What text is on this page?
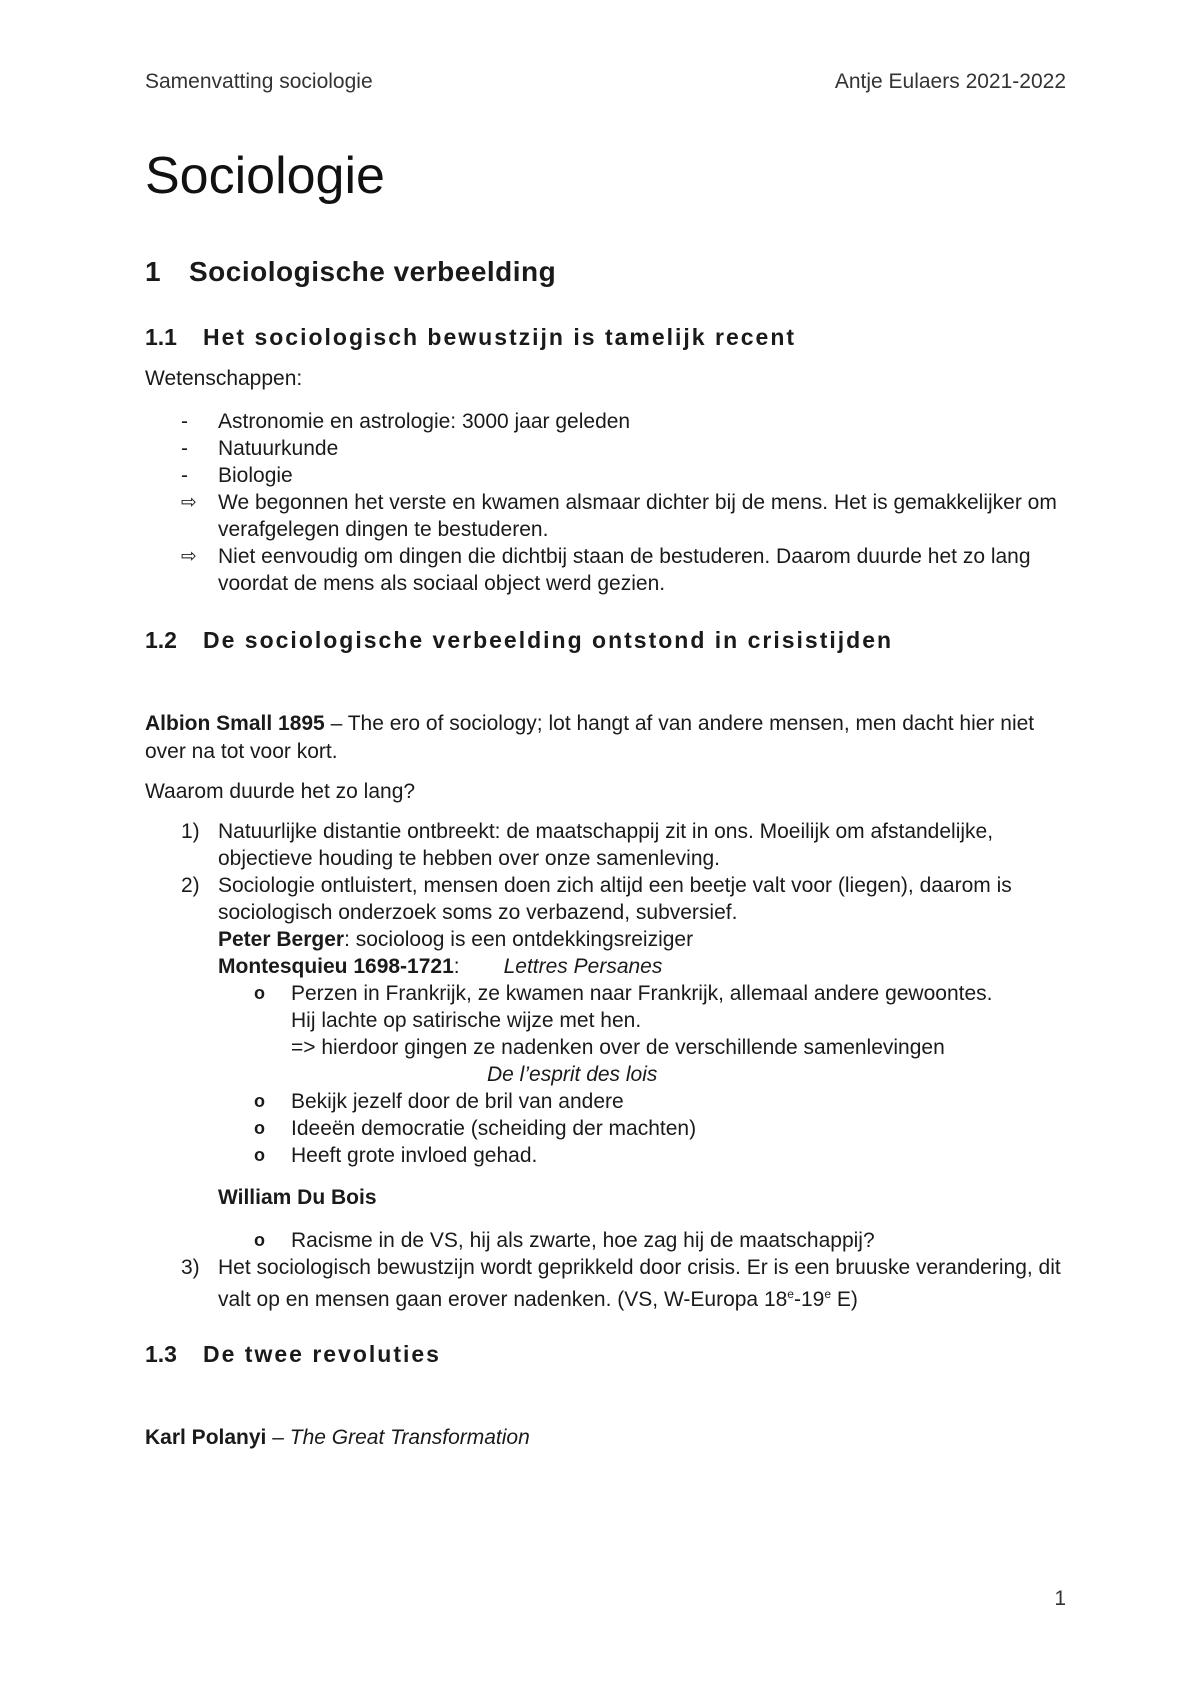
Samenvatting sociologie	Antje Eulaers 2021-2022
Sociologie
1 Sociologische verbeelding
1.1 Het sociologisch bewustzijn is tamelijk recent

Wetenschappen:

- Astronomie en astrologie: 3000 jaar geleden
- Natuurkunde
- Biologie
⇨ We begonnen het verste en kwamen alsmaar dichter bij de mens. Het is gemakkelijker om verafgelegen dingen te bestuderen.
⇨ Niet eenvoudig om dingen die dichtbij staan de bestuderen. Daarom duurde het zo lang voordat de mens als sociaal object werd gezien.
1.2 De sociologische verbeelding ontstond in crisistijden

Albion Small 1895 – The ero of sociology; lot hangt af van andere mensen, men dacht hier niet over na tot voor kort.

Waarom duurde het zo lang?

1) Natuurlijke distantie ontbreekt: de maatschappij zit in ons. Moeilijk om afstandelijke, objectieve houding te hebben over onze samenleving.
2) Sociologie ontluistert, mensen doen zich altijd een beetje valt voor (liegen), daarom is sociologisch onderzoek soms zo verbazend, subversief.
Peter Berger: socioloog is een ontdekkingsreiziger
Montesquieu 1698-1721: Lettres Persanes
o Perzen in Frankrijk, ze kwamen naar Frankrijk, allemaal andere gewoontes.
Hij lachte op satirische wijze met hen.
=> hierdoor gingen ze nadenken over de verschillende samenlevingen
De l’esprit des lois
o Bekijk jezelf door de bril van andere
o Ideeën democratie (scheiding der machten)
o Heeft grote invloed gehad.
William Du Bois
o Racisme in de VS, hij als zwarte, hoe zag hij de maatschappij?
3) Het sociologisch bewustzijn wordt geprikkeld door crisis. Er is een bruuske verandering, dit valt op en mensen gaan erover nadenken. (VS, W-Europa 18e-19e E)
1.3 De twee revoluties

Karl Polanyi – The Great Transformation

1
